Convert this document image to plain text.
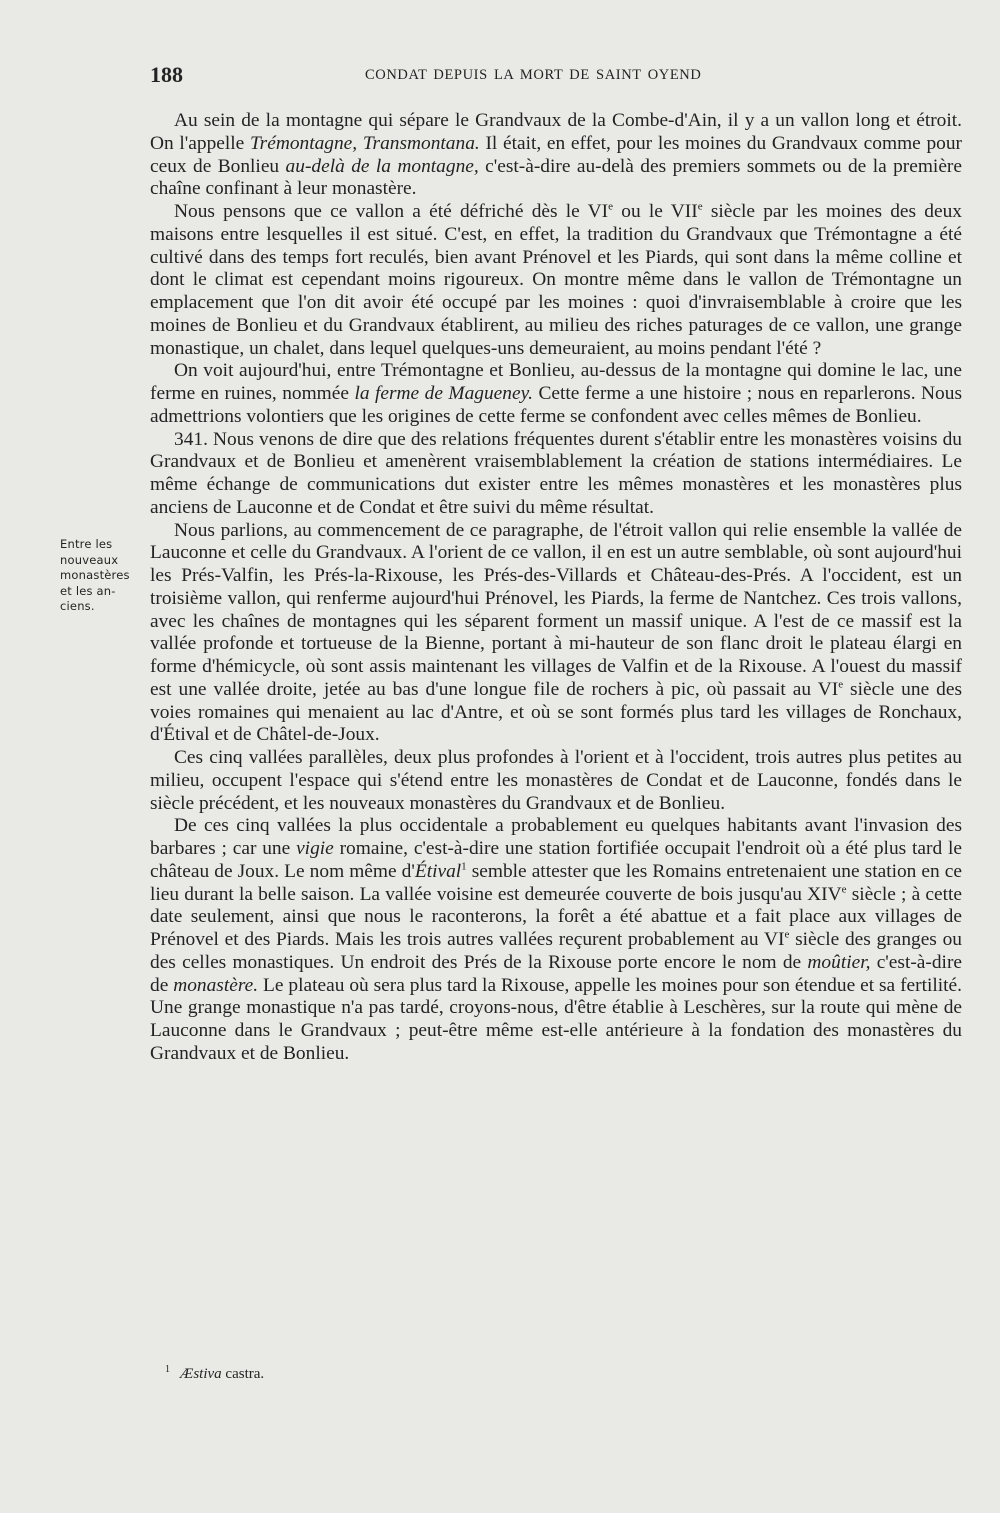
188	CONDAT DEPUIS LA MORT DE SAINT OYEND
Entre les
nouveaux
monastères
et les an-
ciens.

Au sein de la montagne qui sépare le Grandvaux de la Combe-d'Ain, il y a un vallon long et étroit. On l'appelle Trémontagne, Transmontana. Il était, en effet, pour les moines du Grandvaux comme pour ceux de Bonlieu au-delà de la montagne, c'est-à-dire au-delà des premiers sommets ou de la première chaîne confinant à leur monastère.

Nous pensons que ce vallon a été défriché dès le VIe ou le VIIe siècle par les moines des deux maisons entre lesquelles il est situé. C'est, en effet, la tradition du Grandvaux que Trémontagne a été cultivé dans des temps fort reculés, bien avant Prénovel et les Piards, qui sont dans la même colline et dont le climat est cependant moins rigoureux. On montre même dans le vallon de Trémontagne un emplacement que l'on dit avoir été occupé par les moines : quoi d'invraisemblable à croire que les moines de Bonlieu et du Grandvaux établirent, au milieu des riches paturages de ce vallon, une grange monastique, un chalet, dans lequel quelques-uns demeuraient, au moins pendant l'été ?

On voit aujourd'hui, entre Trémontagne et Bonlieu, au-dessus de la montagne qui domine le lac, une ferme en ruines, nommée la ferme de Magueney. Cette ferme a une histoire ; nous en reparlerons. Nous admettrions volontiers que les origines de cette ferme se confondent avec celles mêmes de Bonlieu.

341. Nous venons de dire que des relations fréquentes durent s'établir entre les monastères voisins du Grandvaux et de Bonlieu et amenèrent vraisemblablement la création de stations intermédiaires. Le même échange de communications dut exister entre les mêmes monastères et les monastères plus anciens de Lauconne et de Condat et être suivi du même résultat.

Nous parlions, au commencement de ce paragraphe, de l'étroit vallon qui relie ensemble la vallée de Lauconne et celle du Grandvaux. A l'orient de ce vallon, il en est un autre semblable, où sont aujourd'hui les Prés-Valfin, les Prés-la-Rixouse, les Prés-des-Villards et Château-des-Prés. A l'occident, est un troisième vallon, qui renferme aujourd'hui Prénovel, les Piards, la ferme de Nantchez. Ces trois vallons, avec les chaînes de montagnes qui les séparent forment un massif unique. A l'est de ce massif est la vallée profonde et tortueuse de la Bienne, portant à mi-hauteur de son flanc droit le plateau élargi en forme d'hémicycle, où sont assis maintenant les villages de Valfin et de la Rixouse. A l'ouest du massif est une vallée droite, jetée au bas d'une longue file de rochers à pic, où passait au VIe siècle une des voies romaines qui menaient au lac d'Antre, et où se sont formés plus tard les villages de Ronchaux, d'Étival et de Châtel-de-Joux.

Ces cinq vallées parallèles, deux plus profondes à l'orient et à l'occident, trois autres plus petites au milieu, occupent l'espace qui s'étend entre les monastères de Condat et de Lauconne, fondés dans le siècle précédent, et les nouveaux monastères du Grandvaux et de Bonlieu.

De ces cinq vallées la plus occidentale a probablement eu quelques habitants avant l'invasion des barbares ; car une vigie romaine, c'est-à-dire une station fortifiée occupait l'endroit où a été plus tard le château de Joux. Le nom même d'Étival$^1$ semble attester que les Romains entretenaient une station en ce lieu durant la belle saison. La vallée voisine est demeurée couverte de bois jusqu'au XIVe siècle ; à cette date seulement, ainsi que nous le raconterons, la forêt a été abattue et a fait place aux villages de Prénovel et des Piards. Mais les trois autres vallées reçurent probablement au VIe siècle des granges ou des celles monastiques. Un endroit des Prés de la Rixouse porte encore le nom de moûtier, c'est-à-dire de monastère. Le plateau où sera plus tard la Rixouse, appelle les moines pour son étendue et sa fertilité. Une grange monastique n'a pas tardé, croyons-nous, d'être établie à Leschères, sur la route qui mène de Lauconne dans le Grandvaux ; peut-être même est-elle antérieure à la fondation des monastères du Grandvaux et de Bonlieu.

$^1$ Æstiva castra.
